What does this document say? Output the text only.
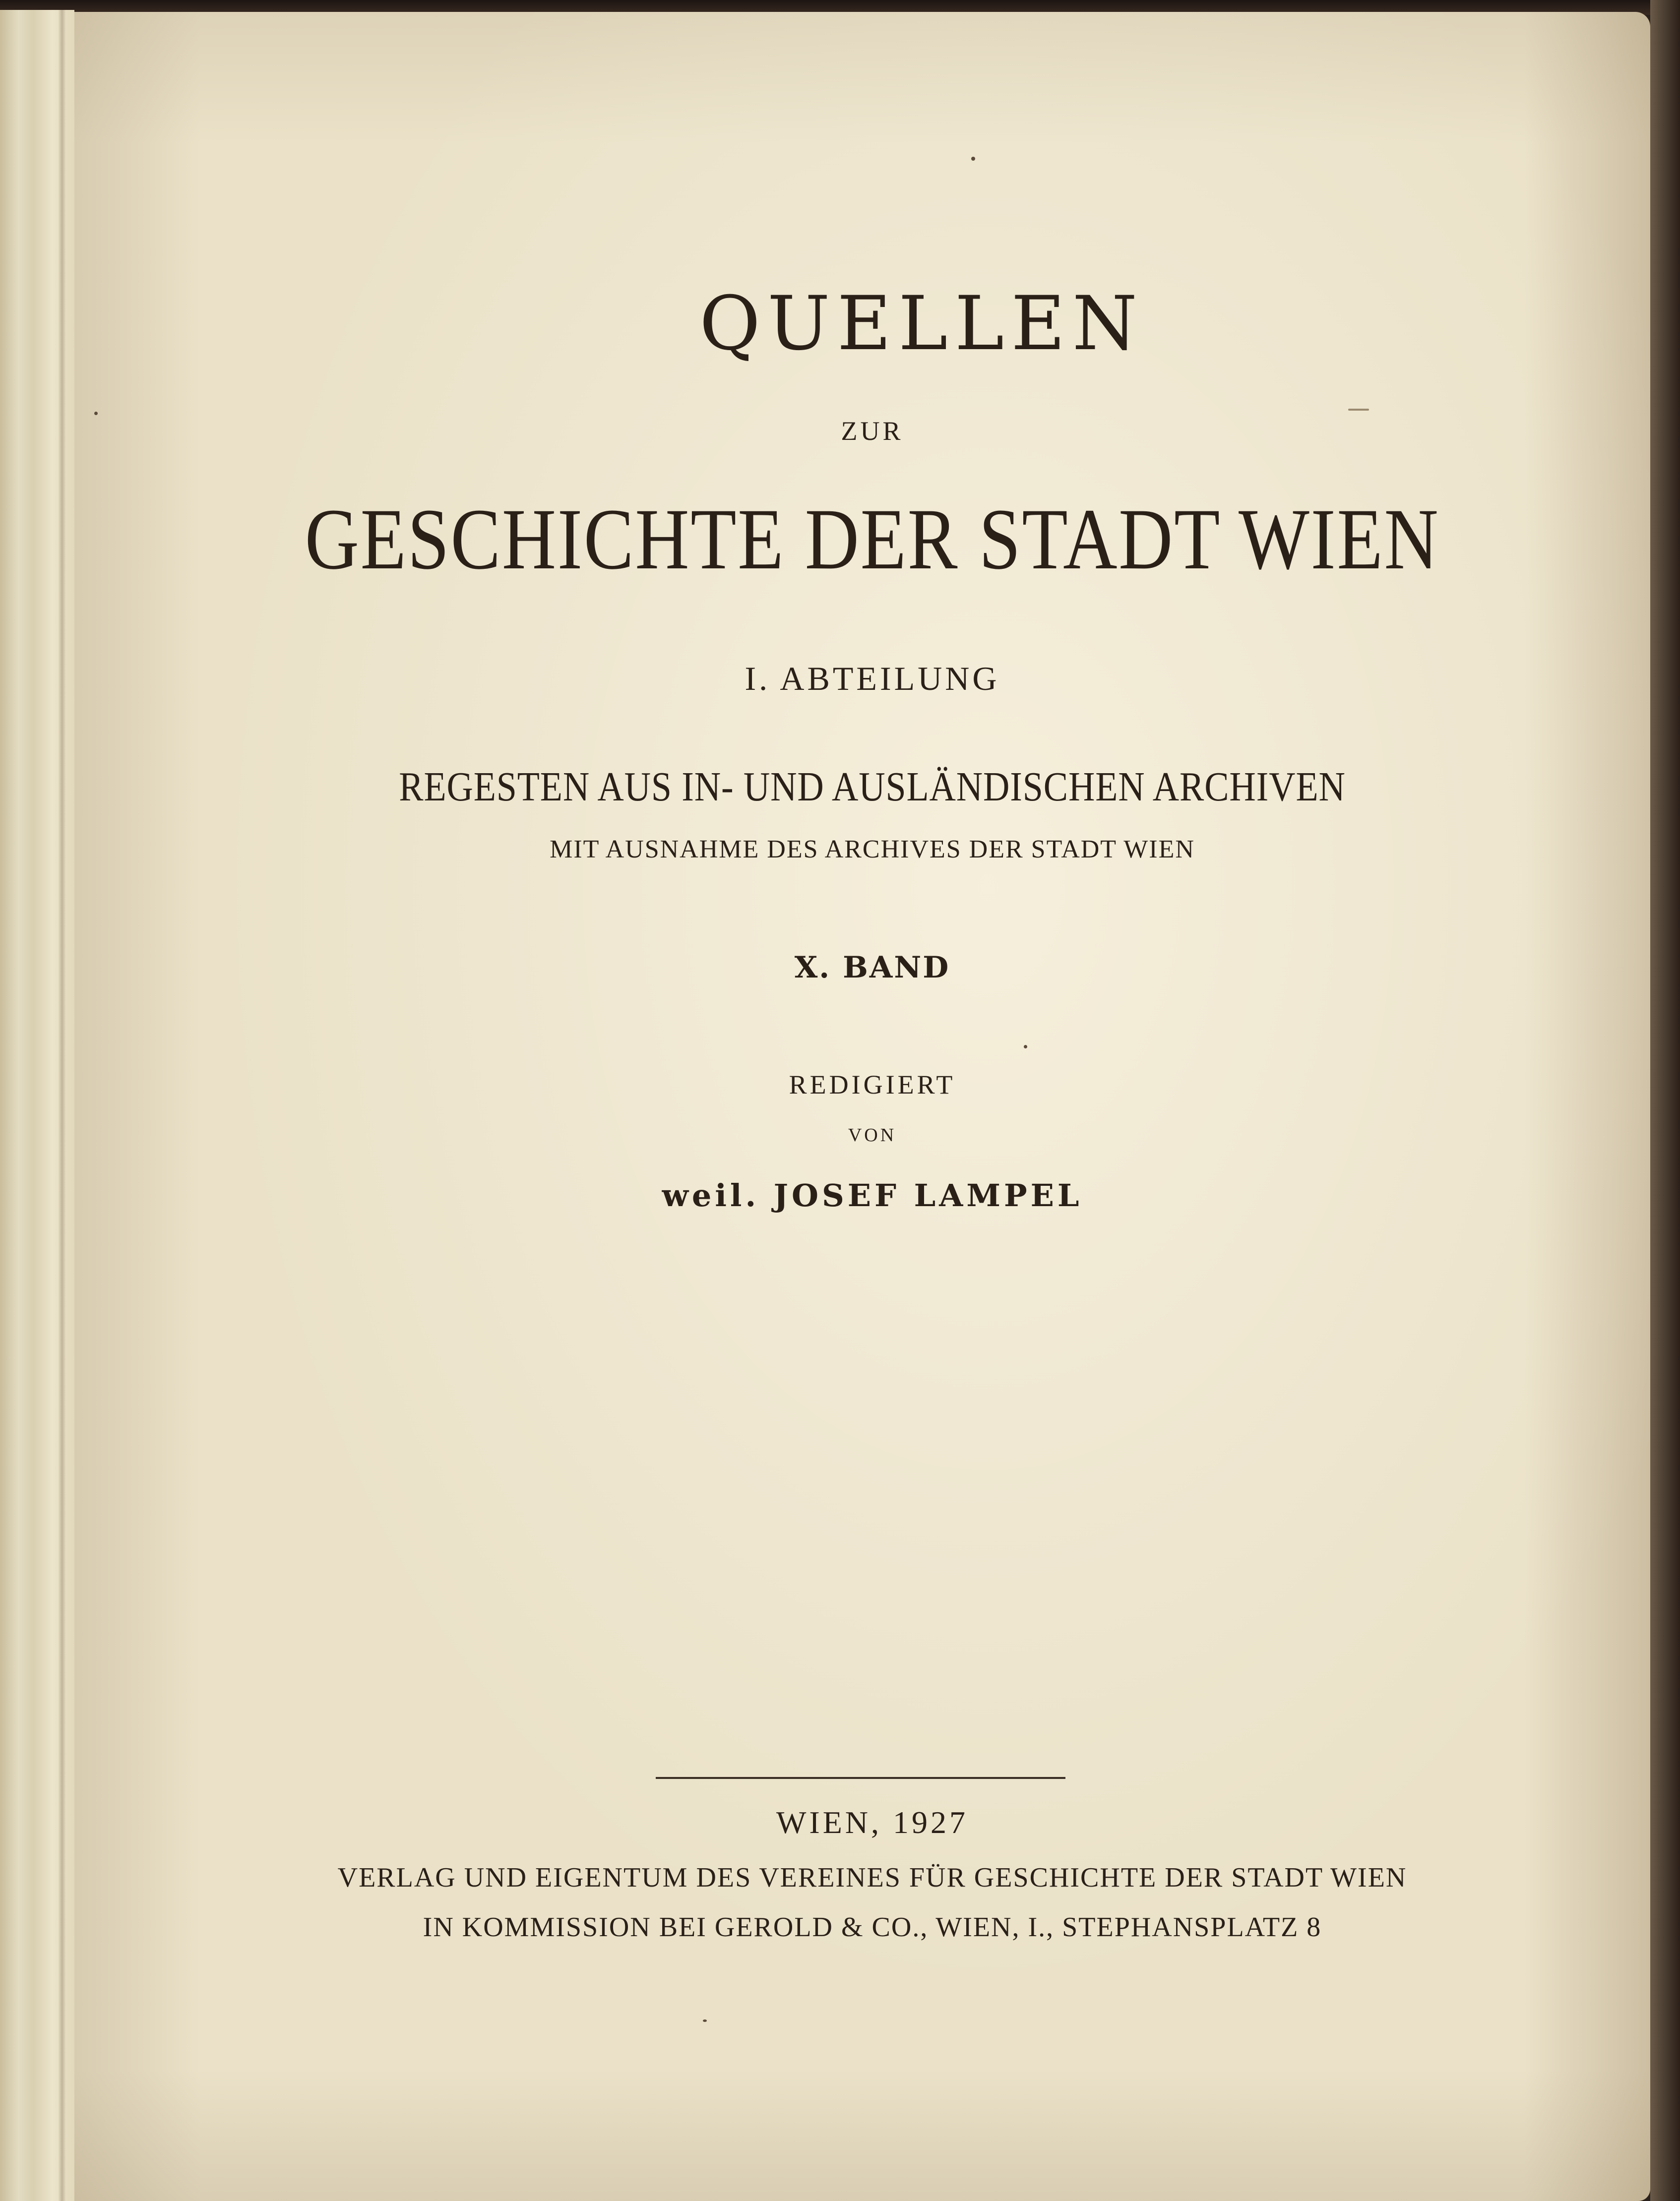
QUELLEN
ZUR
GESCHICHTE DER STADT WIEN
I. ABTEILUNG
REGESTEN AUS IN- UND AUSLÄNDISCHEN ARCHIVEN
MIT AUSNAHME DES ARCHIVES DER STADT WIEN
X. BAND
REDIGIERT
VON
weil. JOSEF LAMPEL
WIEN, 1927
VERLAG UND EIGENTUM DES VEREINES FÜR GESCHICHTE DER STADT WIEN
IN KOMMISSION BEI GEROLD & CO., WIEN, I., STEPHANSPLATZ 8
